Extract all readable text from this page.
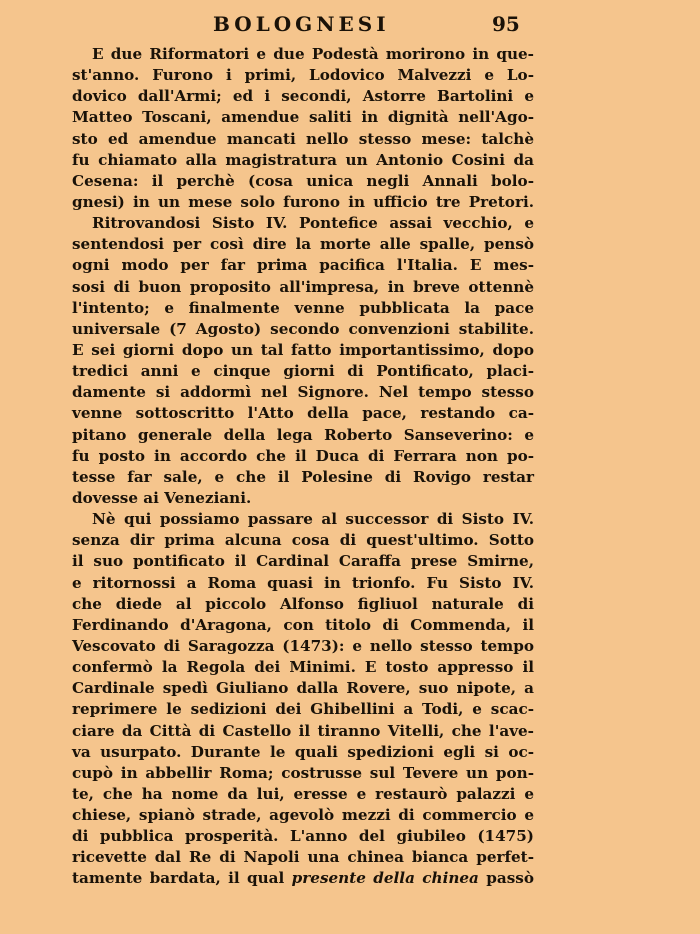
BOLOGNESI	95
E due Riformatori e due Podestà morirono in que-
st'anno. Furono i primi, Lodovico Malvezzi e Lo-
dovico dall'Armi; ed i secondi, Astorre Bartolini e
Matteo Toscani, amendue saliti in dignità nell'Ago-
sto ed amendue mancati nello stesso mese: talchè
fu chiamato alla magistratura un Antonio Cosini da
Cesena: il perchè (cosa unica negli Annali bolo-
gnesi) in un mese solo furono in ufficio tre Pretori.
Ritrovandosi Sisto IV. Pontefice assai vecchio, e
sentendosi per così dire la morte alle spalle, pensò
ogni modo per far prima pacifica l'Italia. E mes-
sosi di buon proposito all'impresa, in breve ottennè
l'intento; e finalmente venne pubblicata la pace
universale (7 Agosto) secondo convenzioni stabilite.
E sei giorni dopo un tal fatto importantissimo, dopo
tredici anni e cinque giorni di Pontificato, placi-
damente si addormì nel Signore. Nel tempo stesso
venne sottoscritto l'Atto della pace, restando ca-
pitano generale della lega Roberto Sanseverino: e
fu posto in accordo che il Duca di Ferrara non po-
tesse far sale, e che il Polesine di Rovigo restar
dovesse ai Veneziani.
Nè qui possiamo passare al successor di Sisto IV.
senza dir prima alcuna cosa di quest'ultimo. Sotto
il suo pontificato il Cardinal Caraffa prese Smirne,
e ritornossi a Roma quasi in trionfo. Fu Sisto IV.
che diede al piccolo Alfonso figliuol naturale di
Ferdinando d'Aragona, con titolo di Commenda, il
Vescovato di Saragozza (1473): e nello stesso tempo
confermò la Regola dei Minimi. E tosto appresso il
Cardinale spedì Giuliano dalla Rovere, suo nipote, a
reprimere le sedizioni dei Ghibellini a Todi, e scac-
ciare da Città di Castello il tiranno Vitelli, che l'ave-
va usurpato. Durante le quali spedizioni egli si oc-
cupò in abbellir Roma; costrusse sul Tevere un pon-
te, che ha nome da lui, eresse e restaurò palazzi e
chiese, spianò strade, agevolò mezzi di commercio e
di pubblica prosperità. L'anno del giubileo (1475)
ricevette dal Re di Napoli una chinea bianca perfet-
tamente bardata, il qual presente della chinea passò
